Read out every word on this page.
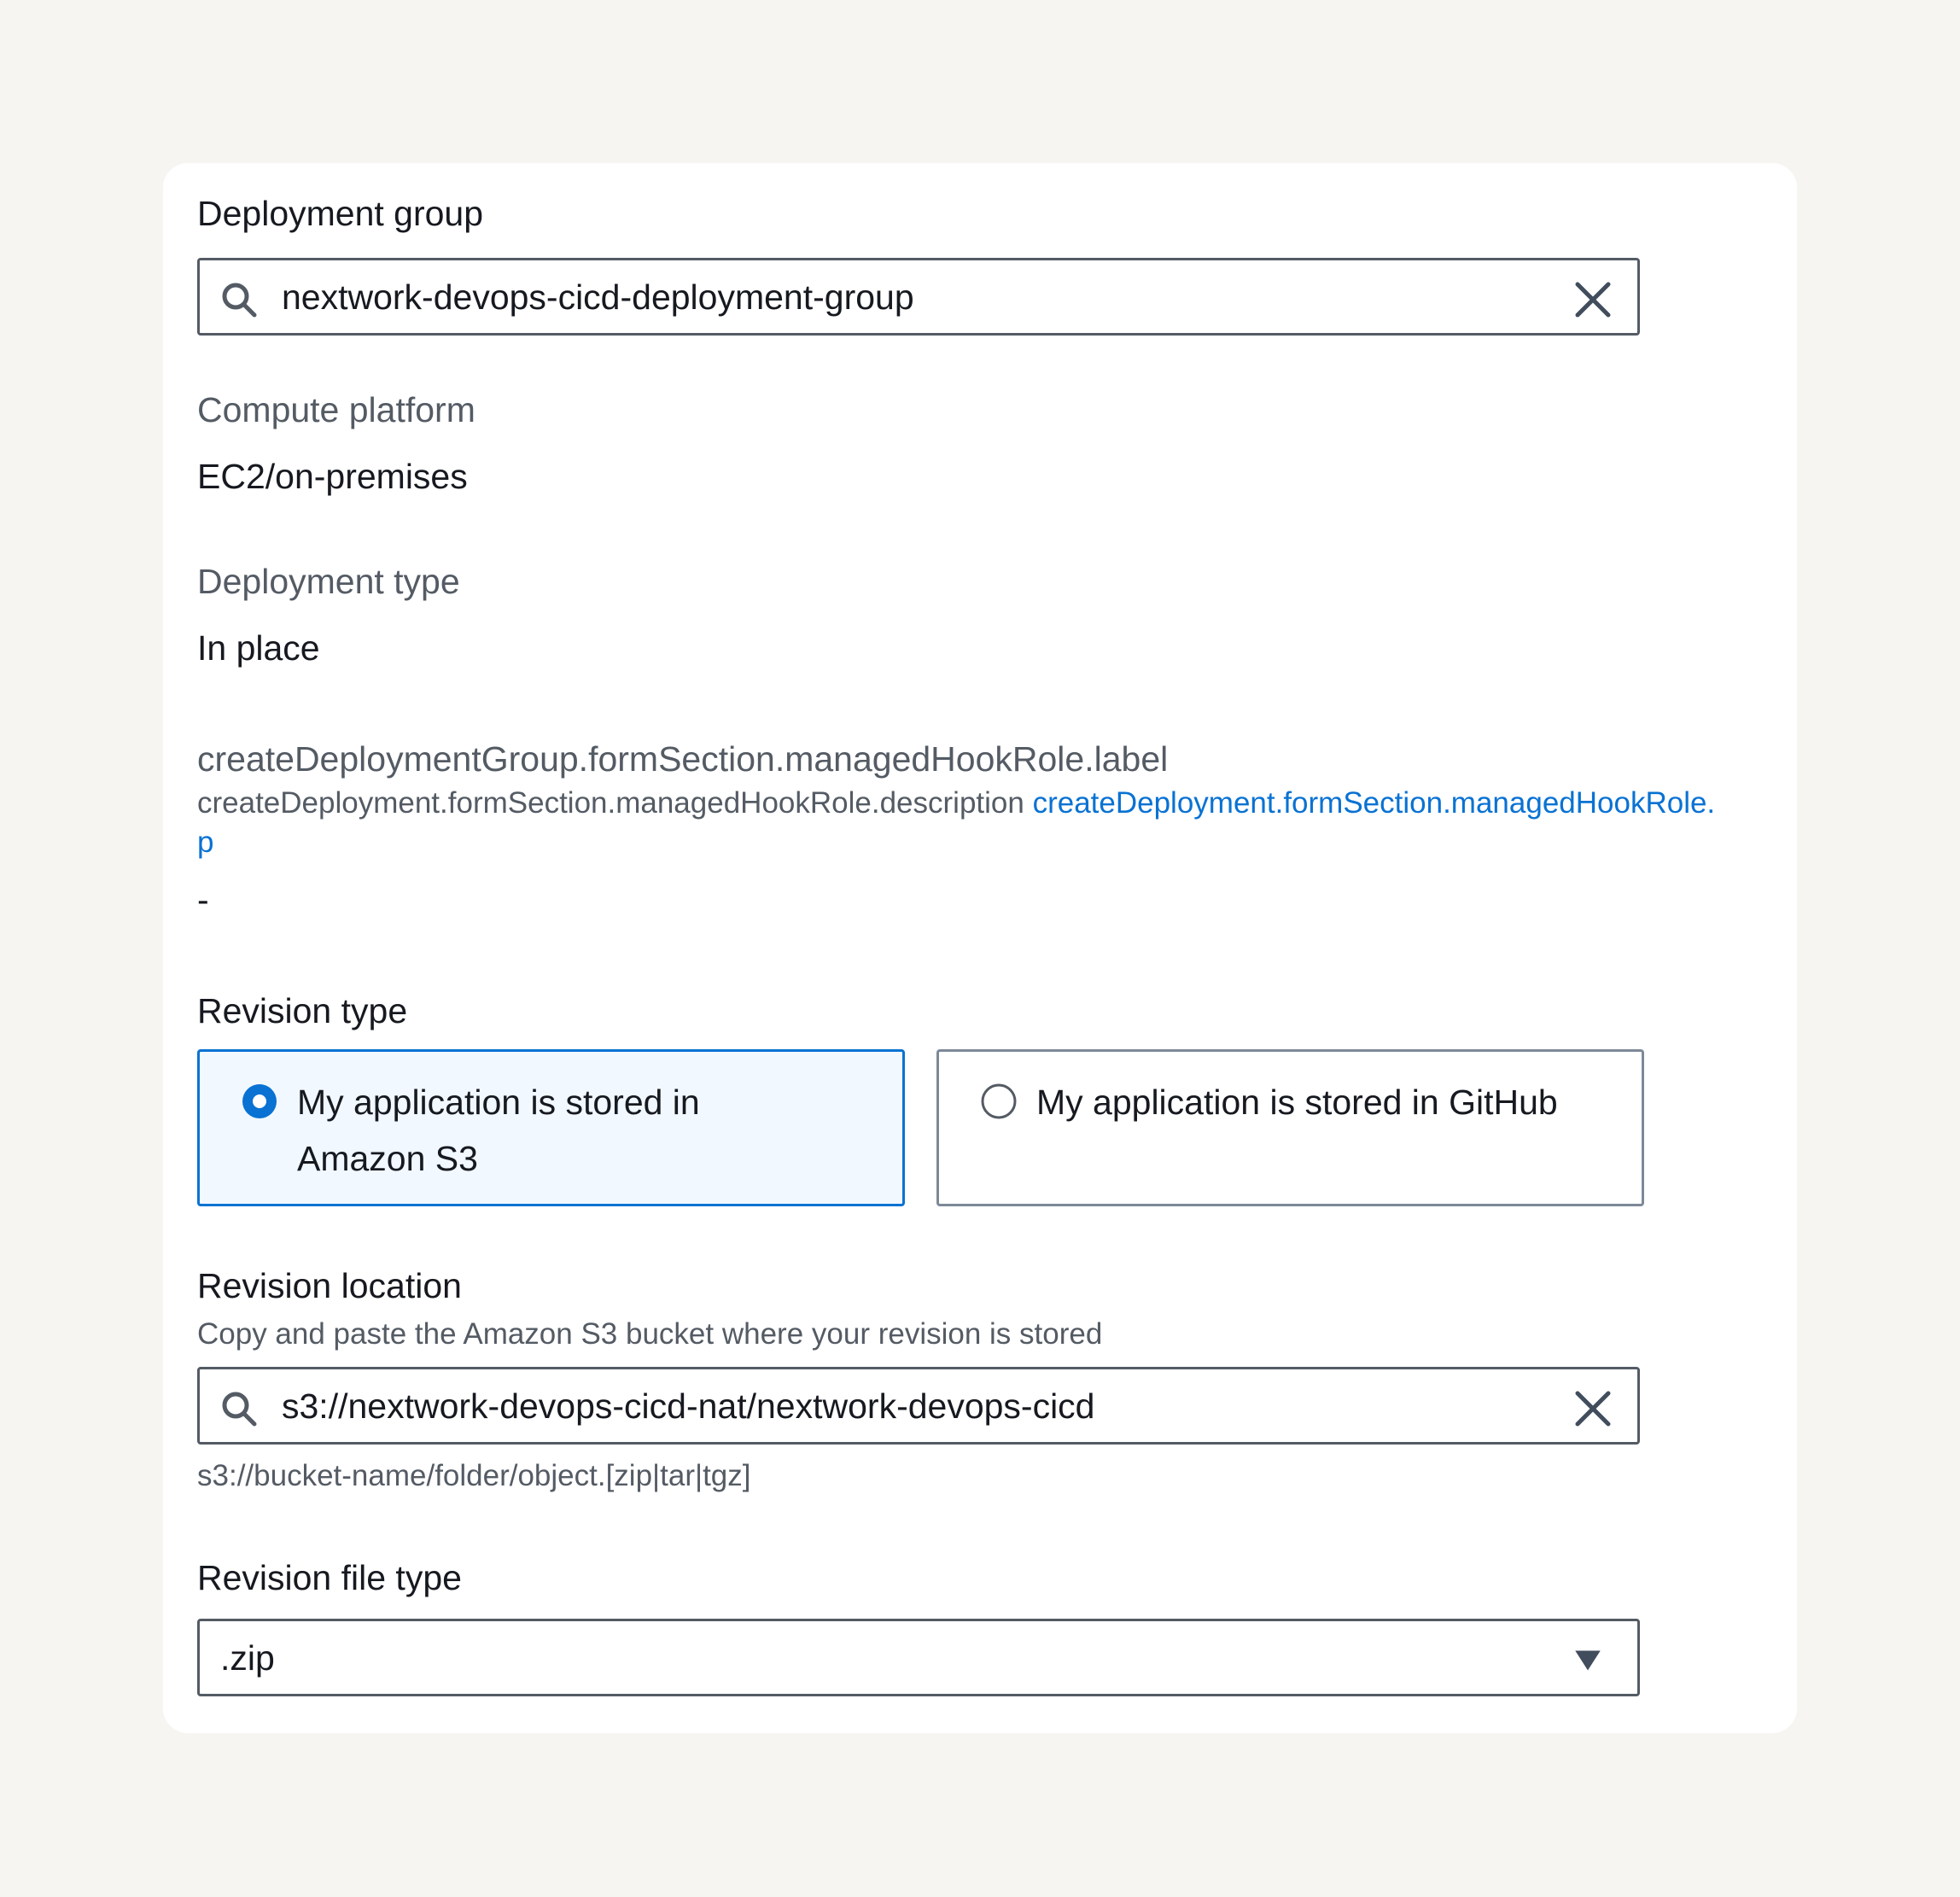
Deployment group
nextwork-devops-cicd-deployment-group
Compute platform
EC2/on-premises
Deployment type
In place
createDeploymentGroup.formSection.managedHookRole.label
createDeployment.formSection.managedHookRole.description createDeployment.formSection.managedHookRole.
p
-
Revision type
My application is stored in
Amazon S3
My application is stored in GitHub
Revision location
Copy and paste the Amazon S3 bucket where your revision is stored
s3://nextwork-devops-cicd-nat/nextwork-devops-cicd
s3://bucket-name/folder/object.[zip|tar|tgz]
Revision file type
.zip
